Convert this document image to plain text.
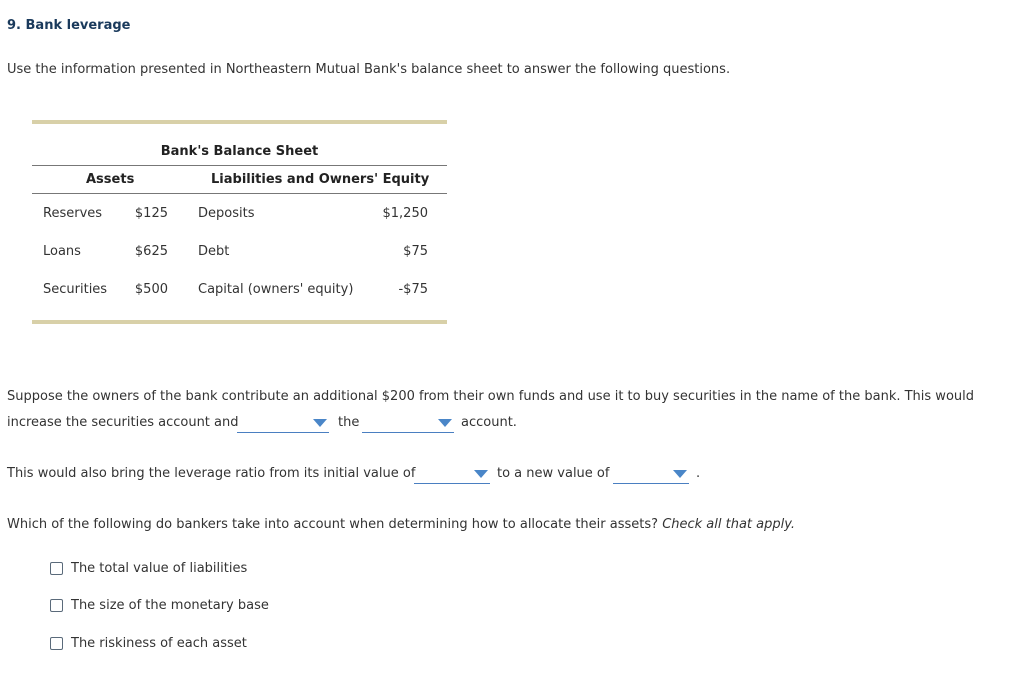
9. Bank leverage
Use the information presented in Northeastern Mutual Bank's balance sheet to answer the following questions.
Bank's Balance Sheet
Assets	Liabilities and Owners' Equity
Reserves	$125 Deposits	$1,250
Loans	$625 Debt	$75
Securities	$500 Capital (owners' equity)	-$75
Suppose the owners of the bank contribute an additional $200 from their own funds and use it to buy securities in the name of the bank. This would
increase the securities account and	the	account.
This would also bring the leverage ratio from its initial value of	to a new value of	.
Which of the following do bankers take into account when determining how to allocate their assets? Check all that apply.
The total value of liabilities
The size of the monetary base
The riskiness of each asset
